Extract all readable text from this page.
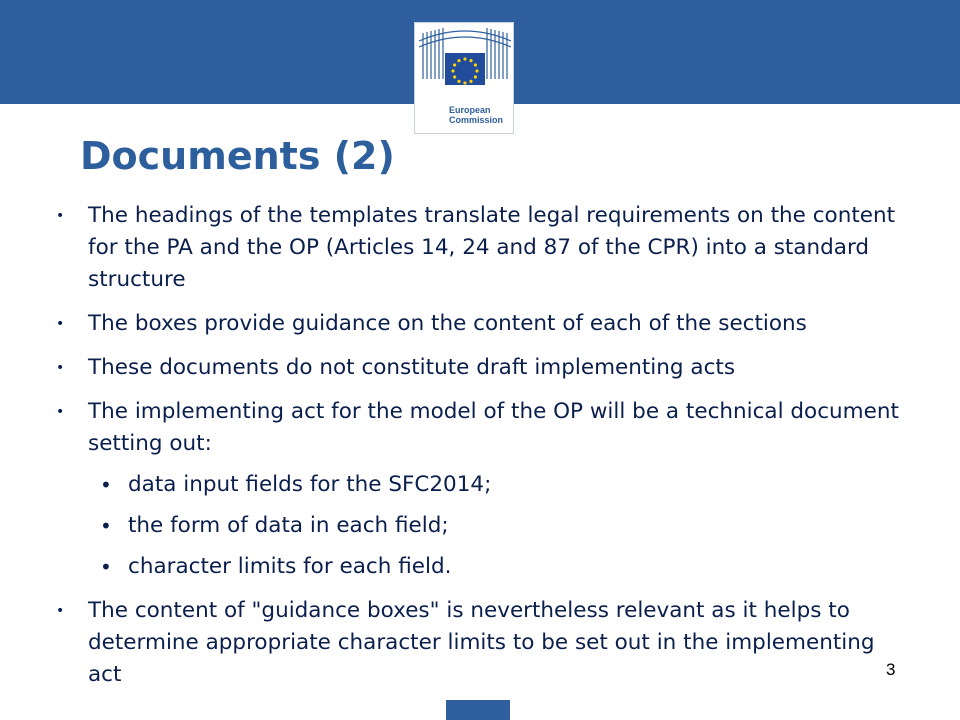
European
Commission
Documents (2)
• The headings of the templates translate legal requirements on the content for the PA and the OP (Articles 14, 24 and 87 of the CPR) into a standard structure
• The boxes provide guidance on the content of each of the sections
• These documents do not constitute draft implementing acts
• The implementing act for the model of the OP will be a technical document setting out:
• data input fields for the SFC2014;
• the form of data in each field;
• character limits for each field.
• The content of "guidance boxes" is nevertheless relevant as it helps to determine appropriate character limits to be set out in the implementing act	3
